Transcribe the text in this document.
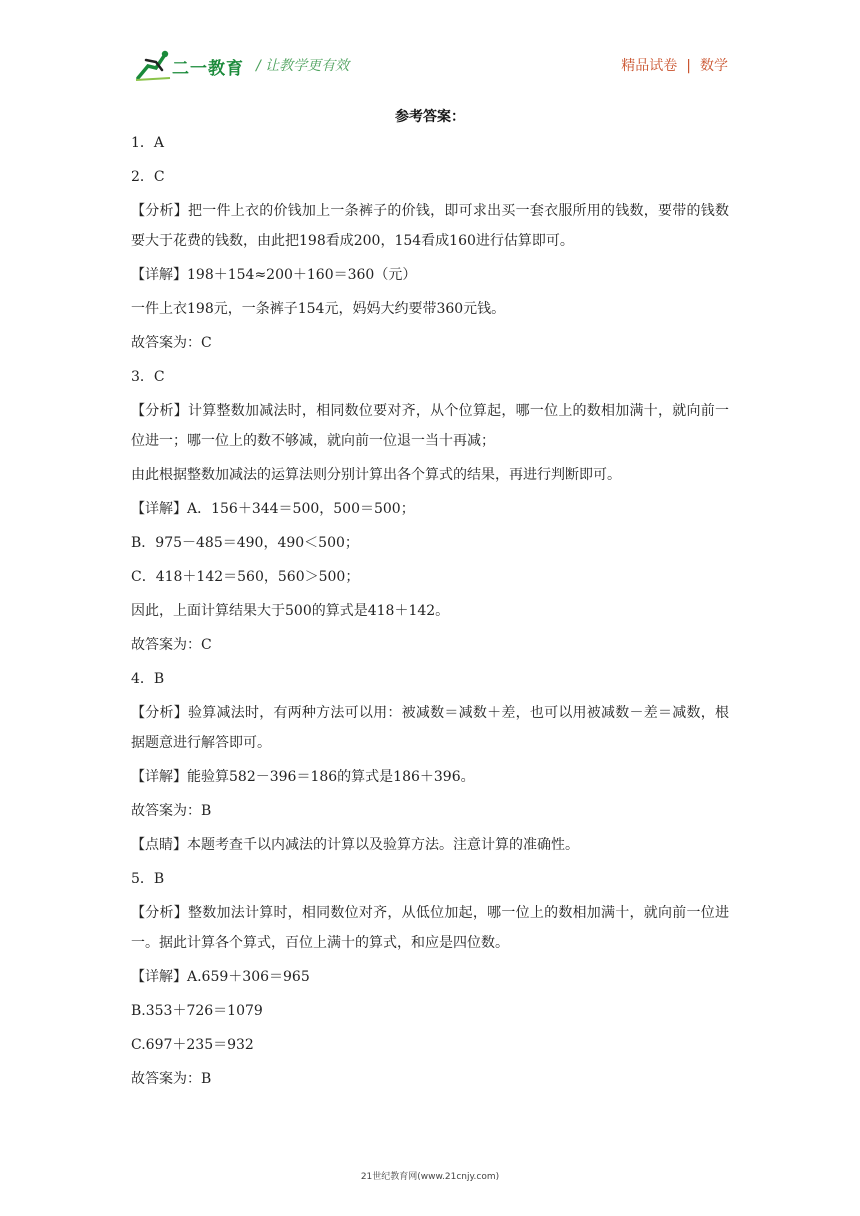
二一教育 / 让教学更有效	精品试卷 | 数学
参考答案：

1．A

2．C

【分析】把一件上衣的价钱加上一条裤子的价钱，即可求出买一套衣服所用的钱数，要带的钱数要大于花费的钱数，由此把198看成200，154看成160进行估算即可。

【详解】198＋154≈200＋160＝360（元）

一件上衣198元，一条裤子154元，妈妈大约要带360元钱。

故答案为：C

3．C

【分析】计算整数加减法时，相同数位要对齐，从个位算起，哪一位上的数相加满十，就向前一位进一；哪一位上的数不够减，就向前一位退一当十再减；

由此根据整数加减法的运算法则分别计算出各个算式的结果，再进行判断即可。

【详解】A．156＋344＝500，500＝500；

B．975－485＝490，490＜500；

C．418＋142＝560，560＞500；

因此，上面计算结果大于500的算式是418＋142。

故答案为：C

4．B

【分析】验算减法时，有两种方法可以用：被减数＝减数＋差，也可以用被减数－差＝减数，根据题意进行解答即可。

【详解】能验算582－396＝186的算式是186＋396。

故答案为：B

【点睛】本题考查千以内减法的计算以及验算方法。注意计算的准确性。

5．B

【分析】整数加法计算时，相同数位对齐，从低位加起，哪一位上的数相加满十，就向前一位进一。据此计算各个算式，百位上满十的算式，和应是四位数。

【详解】A.659＋306＝965

B.353＋726＝1079

C.697＋235＝932

故答案为：B

21世纪教育网(www.21cnjy.com)
